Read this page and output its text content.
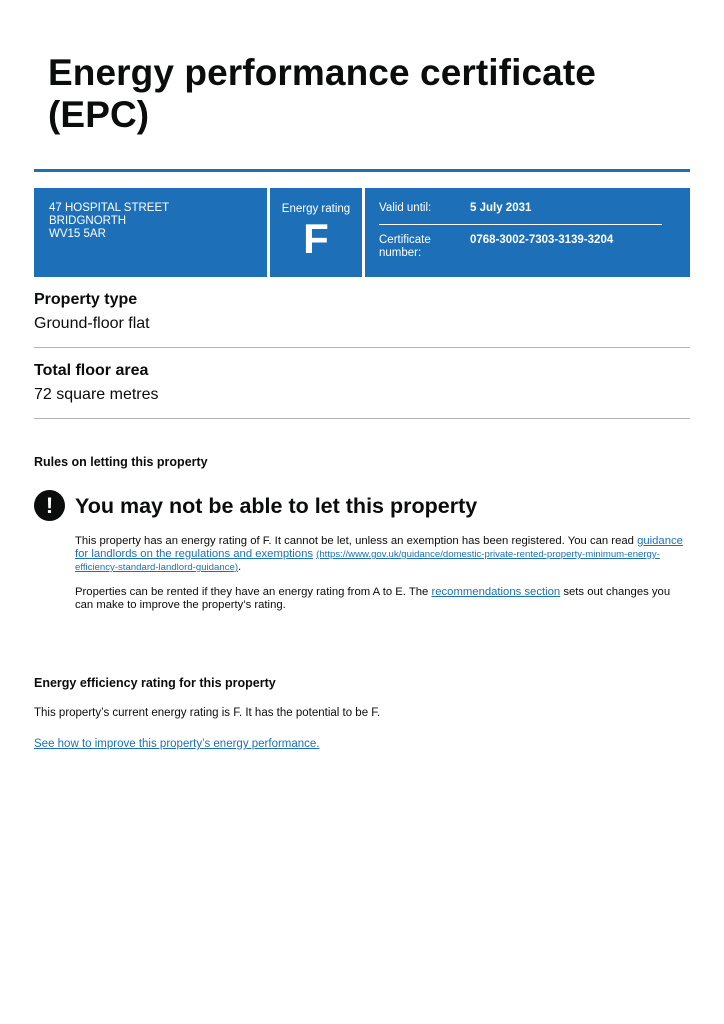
Energy performance certificate (EPC)
47 HOSPITAL STREET
BRIDGNORTH
WV15 5AR
Energy rating
F
Valid until:	5 July 2031
Certificate number:
0768-3002-7303-3139-3204
Property type
Ground-floor flat
Total floor area
72 square metres
Rules on letting this property
!	You may not be able to let this property

This property has an energy rating of F. It cannot be let, unless an exemption has been registered. You can read guidance for landlords on the regulations and exemptions (https://www.gov.uk/guidance/domestic-private-rented-property-minimum-energy-efficiency-standard-landlord-guidance).

Properties can be rented if they have an energy rating from A to E. The recommendations section sets out changes you can make to improve the property’s rating.

Energy efficiency rating for this property

This property’s current energy rating is F. It has the potential to be F.

See how to improve this property’s energy performance.
